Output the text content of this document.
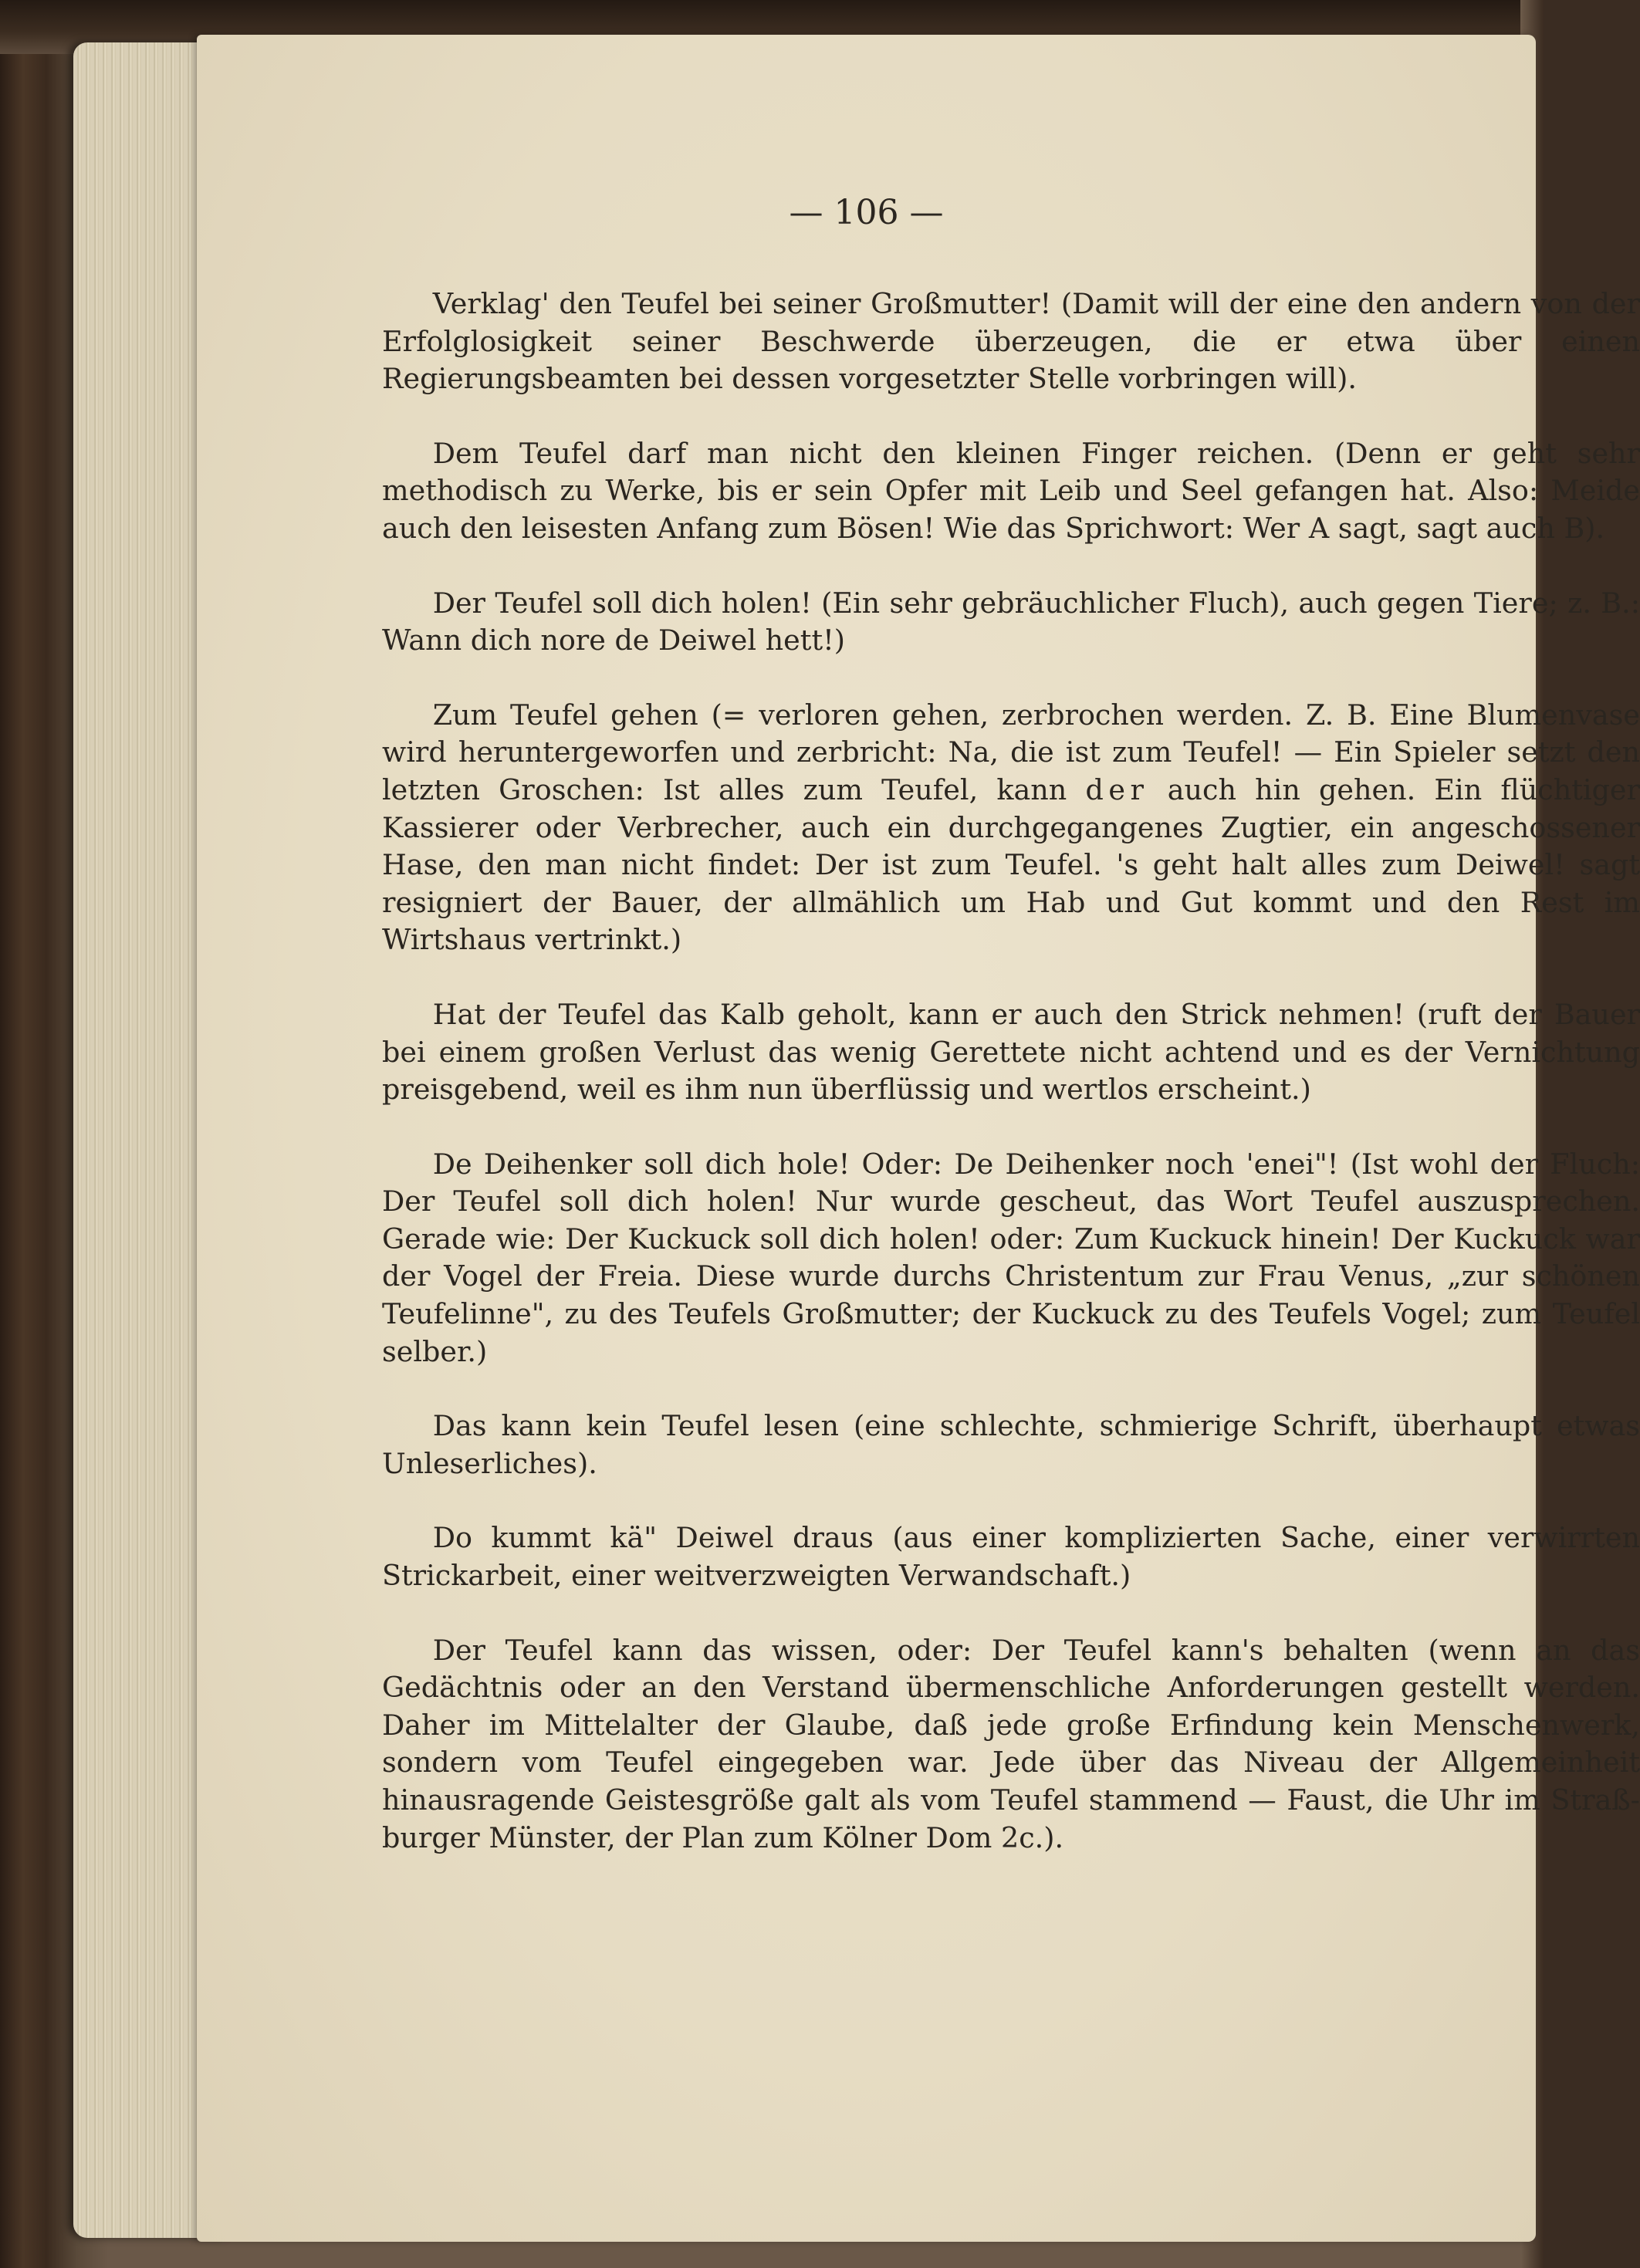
— 106 —

Verklag' den Teufel bei seiner Großmutter! (Damit will der eine den andern von der Erfolglosigkeit seiner Beschwerde überzeugen, die er etwa über einen Regierungsbeamten bei dessen vorgesetzter Stelle vorbringen will).

Dem Teufel darf man nicht den kleinen Finger reichen. (Denn er geht sehr methodisch zu Werke, bis er sein Opfer mit Leib und Seel gefangen hat. Also: Meide auch den leisesten Anfang zum Bösen! Wie das Sprichwort: Wer A sagt, sagt auch B).

Der Teufel soll dich holen! (Ein sehr gebräuchlicher Fluch), auch gegen Tiere; z. B.: Wann dich nore de Deiwel hett!)

Zum Teufel gehen (= verloren gehen, zerbrochen werden. Z. B. Eine Blumenvase wird heruntergeworfen und zerbricht: Na, die ist zum Teufel! — Ein Spieler setzt den letzten Groschen: Ist alles zum Teufel, kann der auch hin gehen. Ein flüchtiger Kassierer oder Verbrecher, auch ein durchgegangenes Zugtier, ein angeschossener Hase, den man nicht findet: Der ist zum Teufel. 's geht halt alles zum Deiwel! sagt resigniert der Bauer, der allmählich um Hab und Gut kommt und den Rest im Wirtshaus vertrinkt.)

Hat der Teufel das Kalb geholt, kann er auch den Strick nehmen! (ruft der Bauer bei einem großen Verlust das wenig Gerettete nicht achtend und es der Vernichtung preisgebend, weil es ihm nun überflüssig und wertlos erscheint.)

De Deihenker soll dich hole! Oder: De Deihenker noch 'enei"! (Ist wohl der Fluch: Der Teufel soll dich holen! Nur wurde gescheut, das Wort Teufel auszusprechen. Gerade wie: Der Kuckuck soll dich holen! oder: Zum Kuckuck hinein! Der Kuckuck war der Vogel der Freia. Diese wurde durchs Christentum zur Frau Venus, „zur schönen Teufelinne", zu des Teufels Großmutter; der Kuckuck zu des Teufels Vogel; zum Teufel selber.)

Das kann kein Teufel lesen (eine schlechte, schmierige Schrift, überhaupt etwas Unleserliches).

Do kummt kä" Deiwel draus (aus einer komplizierten Sache, einer verwirrten Strickarbeit, einer weitverzweigten Verwandschaft.)

Der Teufel kann das wissen, oder: Der Teufel kann's behalten (wenn an das Gedächtnis oder an den Verstand übermenschliche Anforderungen gestellt werden. Daher im Mittelalter der Glaube, daß jede große Erfindung kein Menschenwerk, sondern vom Teufel eingegeben war. Jede über das Niveau der Allgemeinheit hinausragende Geistesgröße galt als vom Teufel stammend — Faust, die Uhr im Straßburger Münster, der Plan zum Kölner Dom 2c.).
